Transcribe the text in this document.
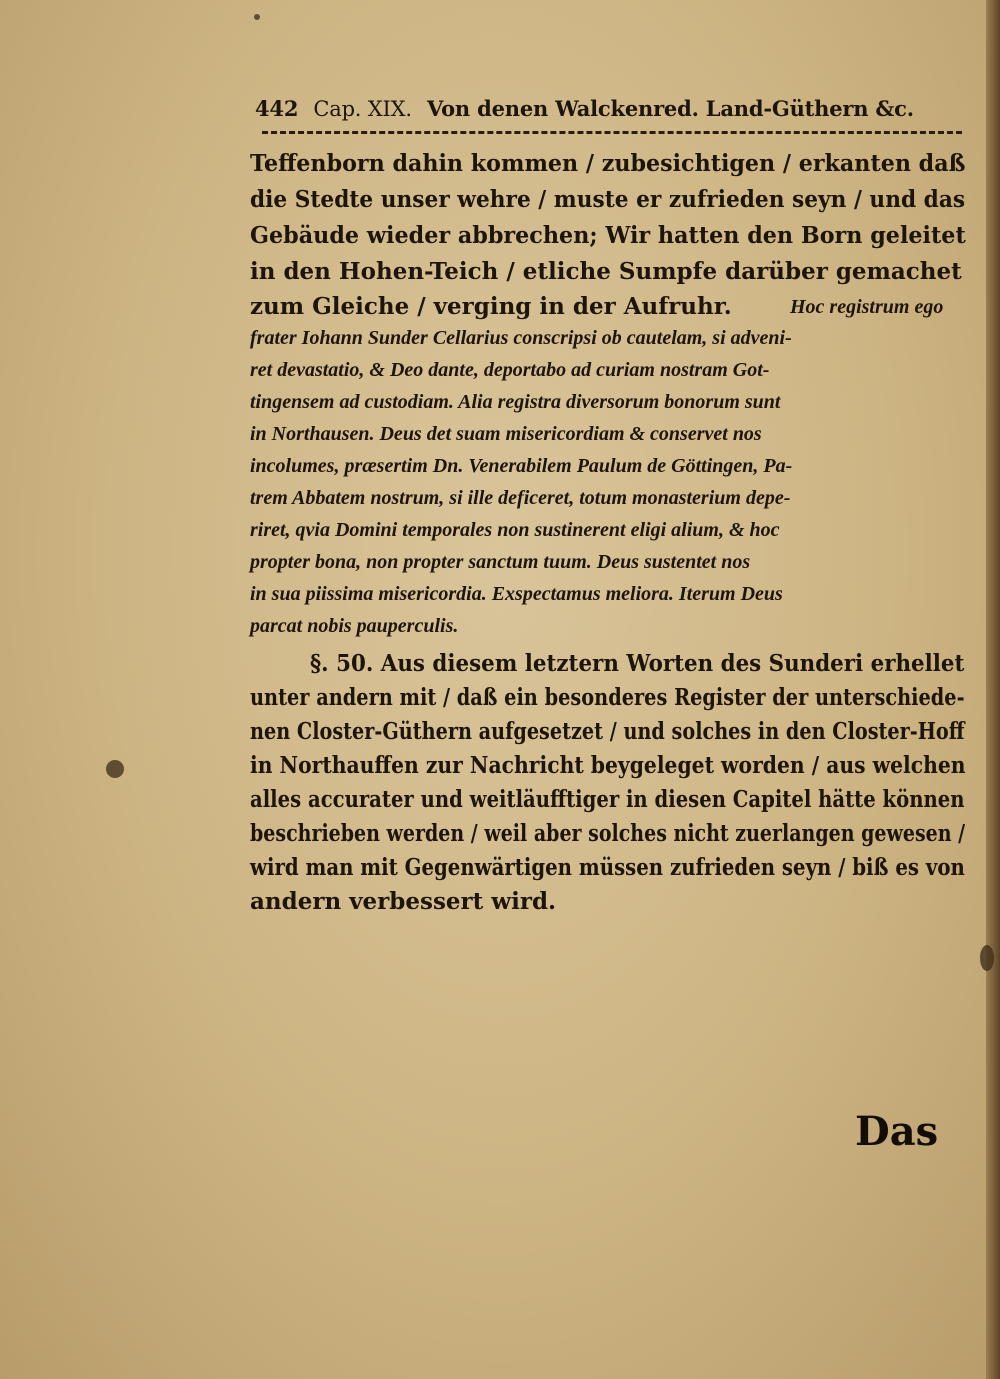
442 Cap. XIX. Von denen Walckenred. Land-Güthern &c.
Teffenborn dahin kommen / zubesichtigen / erkanten daß
die Stedte unser wehre / muste er zufrieden seyn / und das
Gebäude wieder abbrechen; Wir hatten den Born geleitet
in den Hohen-Teich / etliche Sumpfe darüber gemachet
zum Gleiche / verging in der Aufruhr.	Hoc registrum ego
frater Iohann Sunder Cellarius conscripsi ob cautelam, si adveni-
ret devastatio, & Deo dante, deportabo ad curiam nostram Got-
tingensem ad custodiam. Alia registra diversorum bonorum sunt
in Northausen. Deus det suam misericordiam & conservet nos
incolumes, præsertim Dn. Venerabilem Paulum de Göttingen, Pa-
trem Abbatem nostrum, si ille deficeret, totum monasterium depe-
riret, qvia Domini temporales non sustinerent eligi alium, & hoc
propter bona, non propter sanctum tuum. Deus sustentet nos
in sua piissima misericordia. Exspectamus meliora. Iterum Deus
parcat nobis pauperculis.
§. 50. Aus diesem letztern Worten des Sunderi erhellet
unter andern mit / daß ein besonderes Register der unterschiede-
nen Closter-Güthern aufgesetzet / und solches in den Closter-Hoff
in Northauffen zur Nachricht beygeleget worden / aus welchen
alles accurater und weitläufftiger in diesen Capitel hätte können
beschrieben werden / weil aber solches nicht zuerlangen gewesen /
wird man mit Gegenwärtigen müssen zufrieden seyn / biß es von
andern verbessert wird.
Das
